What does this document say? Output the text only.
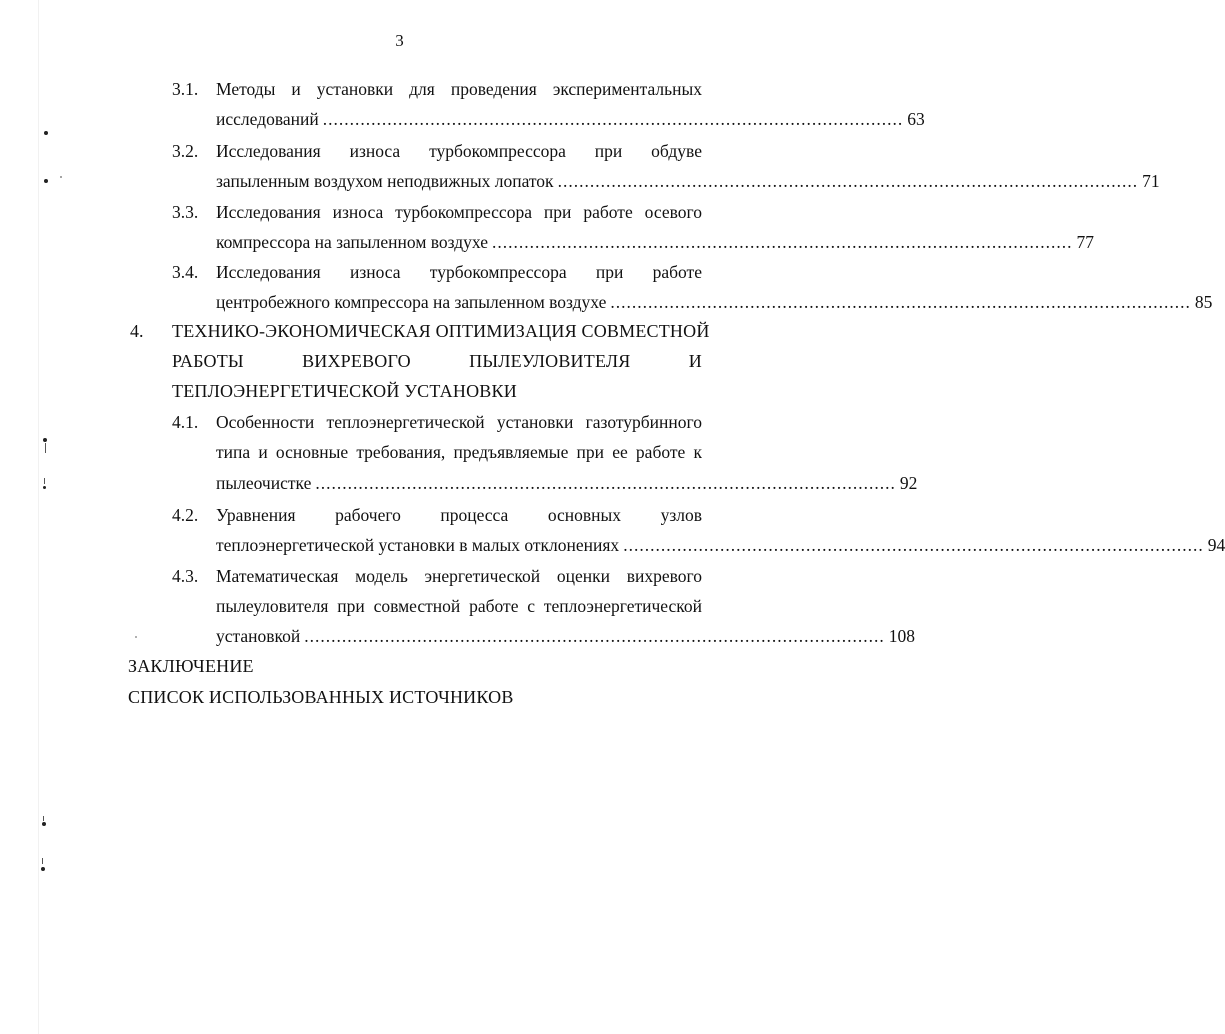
3
3.1. Методы и установки для проведения экспериментальных
исследований ............................................................................................................ 63
3.2. Исследования износа турбокомпрессора при обдуве
запыленным воздухом неподвижных лопаток ............................................................................................................ 71
3.3. Исследования износа турбокомпрессора при работе осевого
компрессора на запыленном воздухе ............................................................................................................ 77
3.4. Исследования износа турбокомпрессора при работе
центробежного компрессора на запыленном воздухе ............................................................................................................ 85
4. ТЕХНИКО-ЭКОНОМИЧЕСКАЯ ОПТИМИЗАЦИЯ СОВМЕСТНОЙ
РАБОТЫ	ВИХРЕВОГО	ПЫЛЕУЛОВИТЕЛЯ	И
ТЕПЛОЭНЕРГЕТИЧЕСКОЙ УСТАНОВКИ
4.1. Особенности теплоэнергетической установки газотурбинного
типа и основные требования, предъявляемые при ее работе к
пылеочистке ............................................................................................................ 92
4.2. Уравнения рабочего процесса основных узлов
теплоэнергетической установки в малых отклонениях ............................................................................................................ 94
4.3. Математическая модель энергетической оценки вихревого
пылеуловителя при совместной работе с теплоэнергетической
установкой ............................................................................................................ 108
ЗАКЛЮЧЕНИЕ
СПИСОК ИСПОЛЬЗОВАННЫХ ИСТОЧНИКОВ
